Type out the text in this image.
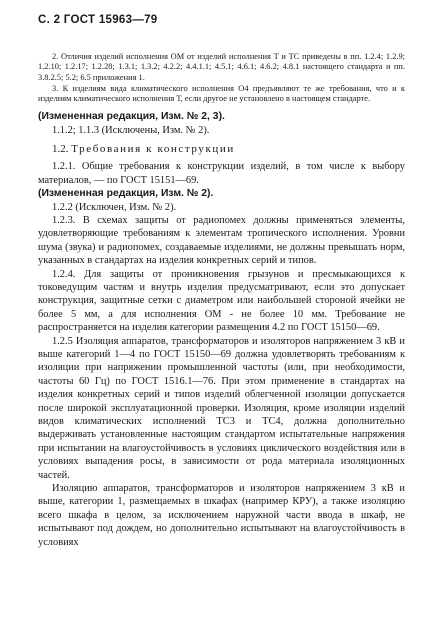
С. 2 ГОСТ 15963—79

2. Отличия изделий исполнения ОМ от изделий исполнения Т и ТС приведены в пп. 1.2.4; 1.2.9; 1.2.10; 1.2.17; 1.2.28; 1.3.1; 1.3.2; 4.2.2; 4.4.1.1; 4.5.1; 4.6.1; 4.6.2; 4.8.1 настоящего стандарта и пп. 3.8.2.5; 5.2; 6.5 приложения 1.

3. К изделиям вида климатического исполнения О4 предъявляют те же требования, что и к изделиям климатического исполнения Т, если другое не установлено в настоящем стандарте.

(Измененная редакция, Изм. № 2, 3).

1.1.2; 1.1.3 (Исключены, Изм. № 2).

1.2. Требования к конструкции

1.2.1. Общие требования к конструкции изделий, в том числе к выбору материалов, — по ГОСТ 15151—69.

(Измененная редакция, Изм. № 2).

1.2.2 (Исключен, Изм. № 2).

1.2.3. В схемах защиты от радиопомех должны применяться элементы, удовлетворяющие требованиям к элементам тропического исполнения. Уровни шума (звука) и радиопомех, создаваемые изделиями, не должны превышать норм, указанных в стандартах на изделия конкретных серий и типов.

1.2.4. Для защиты от проникновения грызунов и пресмыкающихся к токоведущим частям и внутрь изделия предусматривают, если это допускает конструкция, защитные сетки с диаметром или наибольшей стороной ячейки не более 5 мм, а для исполнения ОМ - не более 10 мм. Требование не распространяется на изделия категории размещения 4.2 по ГОСТ 15150—69.

1.2.5 Изоляция аппаратов, трансформаторов и изоляторов напряжением 3 кВ и выше категорий 1—4 по ГОСТ 15150—69 должна удовлетворять требованиям к изоляции при напряжении промышленной частоты (или, при необходимости, частоты 60 Гц) по ГОСТ 1516.1—76. При этом применение в стандартах на изделия конкретных серий и типов изделий облегченной изоляции допускается после широкой эксплуатационной проверки. Изоляция, кроме изоляции изделий видов климатических исполнений ТС3 и ТС4, должна дополнительно выдерживать установленные настоящим стандартом испытательные напряжения при испытании на влагоустойчивость в условиях циклического воздействия или в условиях выпадения росы, в зависимости от рода материала изоляционных частей.

Изоляцию аппаратов, трансформаторов и изоляторов напряжением 3 кВ и выше, категории 1, размещаемых в шкафах (например КРУ), а также изоляцию всего шкафа в целом, за исключением наружной части ввода в шкаф, не испытывают под дождем, но дополнительно испытывают на влагоустойчивость в условиях
